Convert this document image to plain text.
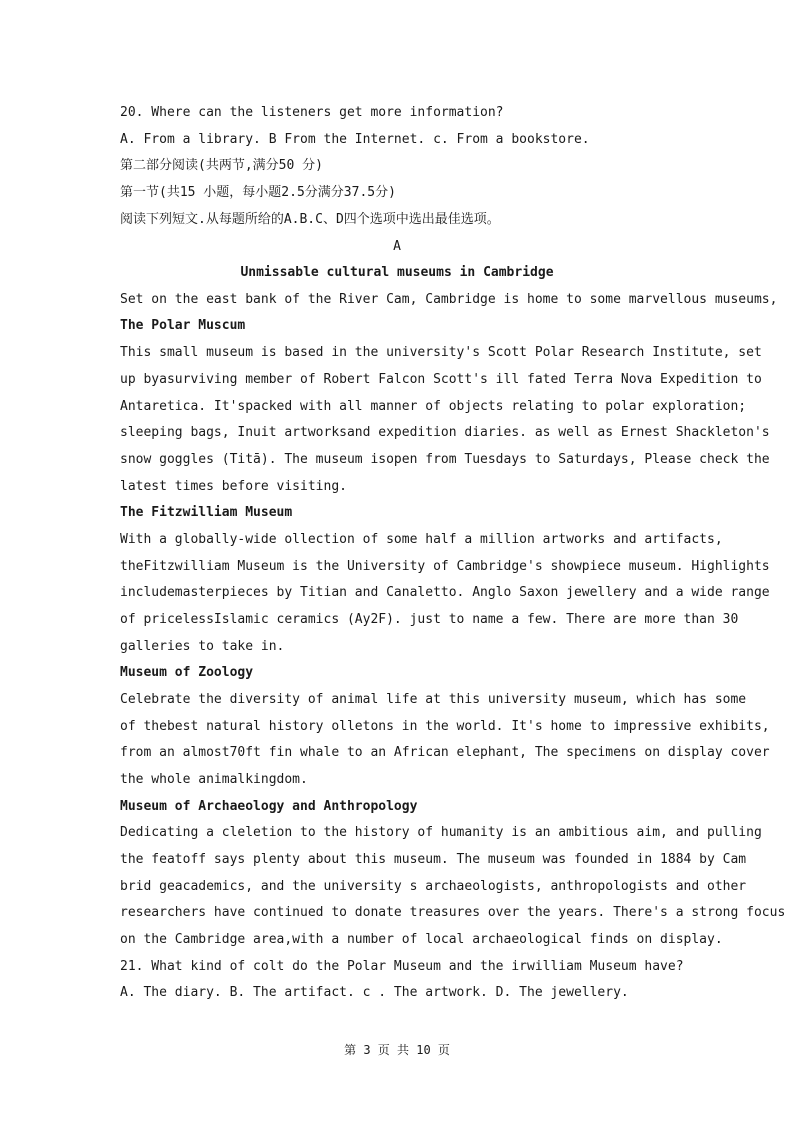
20. Where can the listeners get more information?
A. From a library. B From the Internet. c. From a bookstore.
第二部分阅读(共两节,满分50 分)
第一节(共15 小题，每小题2.5分满分37.5分)
阅读下列短文.从每题所给的A.B.C、D四个选项中选出最佳选项。
A
Unmissable cultural museums in Cambridge
Set on the east bank of the River Cam, Cambridge is home to some marvellous museums,
The Polar Muscum
This small museum is based in the university's Scott Polar Research Institute, set
up byasurviving member of Robert Falcon Scott's ill fated Terra Nova Expedition to
Antaretica. It'spacked with all manner of objects relating to polar exploration;
sleeping bags, Inuit artworksand expedition diaries. as well as Ernest Shackleton's
snow goggles (Titā). The museum isopen from Tuesdays to Saturdays, Please check the
latest times before visiting.
The Fitzwilliam Museum
With a globally-wide ollection of some half a million artworks and artifacts,
theFitzwilliam Museum is the University of Cambridge's showpiece museum. Highlights
includemasterpieces by Titian and Canaletto. Anglo Saxon jewellery and a wide range
of pricelessIslamic ceramics (Ay2F). just to name a few. There are more than 30
galleries to take in.
Museum of Zoology
Celebrate the diversity of animal life at this university museum, which has some
of thebest natural history olletons in the world. It's home to impressive exhibits,
from an almost70ft fin whale to an African elephant, The specimens on display cover
the whole animalkingdom.
Museum of Archaeology and Anthropology
Dedicating a cleletion to the history of humanity is an ambitious aim, and pulling
the featoff says plenty about this museum. The museum was founded in 1884 by Cam
brid geacademics, and the university s archaeologists, anthropologists and other
researchers have continued to donate treasures over the years. There's a strong focus
on the Cambridge area,with a number of local archaeological finds on display.
21. What kind of colt do the Polar Museum and the irwilliam Museum have?
A. The diary. B. The artifact. c . The artwork. D. The jewellery.
第 3 页 共 10 页
